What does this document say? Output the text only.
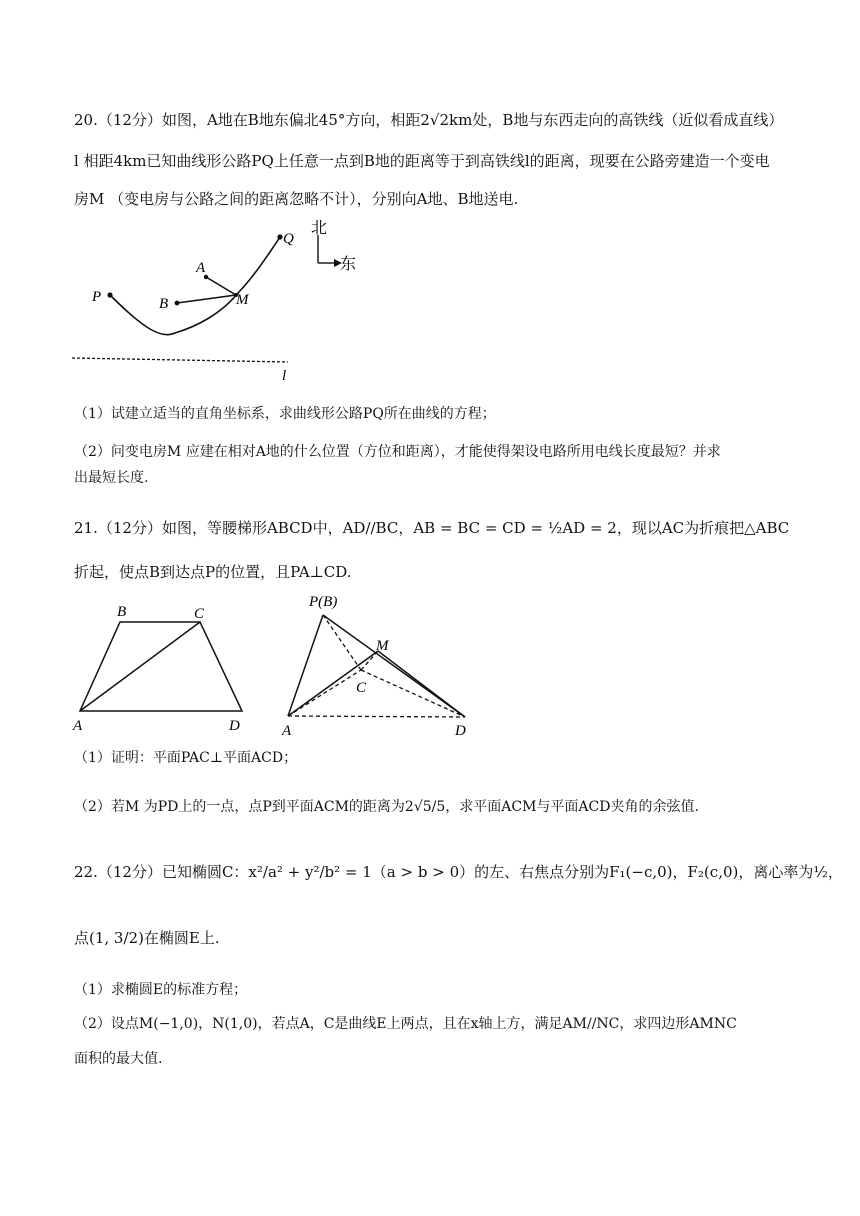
20.（12分）如图，A地在B地东偏北45°方向，相距2√2km处，B地与东西走向的高铁线（近似看成直线）
l 相距4km已知曲线形公路PQ上任意一点到B地的距离等于到高铁线l的距离，现要在公路旁建造一个变电
房M （变电房与公路之间的距离忽略不计），分别向A地、B地送电.
P	B
A
M
Q
l
北
东
（1）试建立适当的直角坐标系，求曲线形公路PQ所在曲线的方程；
（2）问变电房M 应建在相对A地的什么位置（方位和距离），才能使得架设电路所用电线长度最短？并求
出最短长度.
21.（12分）如图，等腰梯形ABCD中，AD//BC，AB = BC = CD = ½AD = 2，现以AC为折痕把△ABC
折起，使点B到达点P的位置，且PA⊥CD.
B	C
A	D
P(B)
M
C
A	D
（1）证明：平面PAC⊥平面ACD；
（2）若M 为PD上的一点，点P到平面ACM的距离为2√5/5，求平面ACM与平面ACD夹角的余弦值.
22.（12分）已知椭圆C：x²/a² + y²/b² = 1（a > b > 0）的左、右焦点分别为F₁(−c,0)，F₂(c,0)，离心率为½，
点(1, 3/2)在椭圆E上.
（1）求椭圆E的标准方程；
（2）设点M(−1,0)，N(1,0)，若点A，C是曲线E上两点，且在x轴上方，满足AM//NC，求四边形AMNC
面积的最大值.
